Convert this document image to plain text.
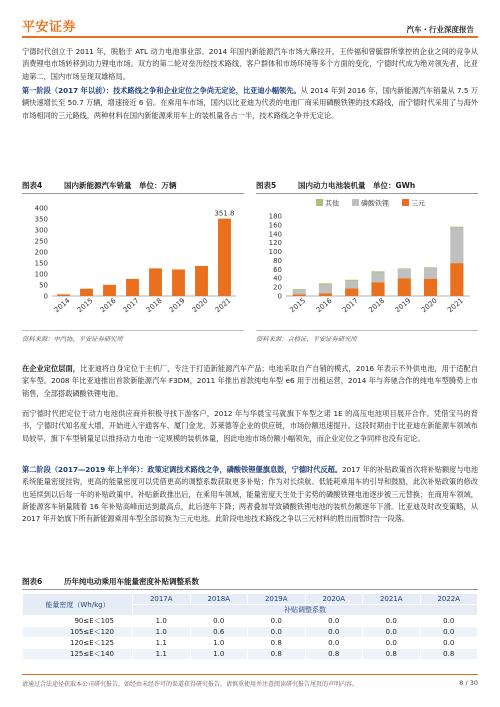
平安证券	汽车・行业深度报告
宁德时代创立于 2011 年，脱胎于 ATL 动力电池事业部。2014 年国内新能源汽车市场大幕拉开，王传福和曾毓群所掌控的企业之间的竞争从消费锂电市场转移到动力锂电市场。双方的第二轮对垒历经技术路线、客户群体和市场环境等多个方面的变化，宁德时代成为绝对领先者，比亚迪第二，国内市场呈现双雄格局。
第一阶段（2017 年以前）：技术路线之争和企业定位之争尚无定论，比亚迪小幅领先。从 2014 年到 2016 年，国内新能源汽车销量从 7.5 万辆快速增长至 50.7 万辆，增速接近 6 倍。在乘用车市场，国内以比亚迪为代表的电池厂商采用磷酸铁锂的技术路线，而宁德时代采用了与海外市场相同的三元路线，两种材料在国内新能源乘用车上的装机量各占一半，技术路线之争并无定论。
图表4	国内新能源汽车销量　单位：万辆
0
50
100
150
200
250
300
350
400
2014 2015 2016 2017 2018 2019 2020 2021
351.8
资料来源：中汽协、平安证券研究所
图表5	国内动力电池装机量　单位：GWh
0
20
40
60
80
100
120
140
160
180
其他	磷酸铁锂	三元
2015 2016 2017 2018 2019 2020 2021
资料来源：合格证、平安证券研究所
在企业定位层面，比亚迪将自身定位于主机厂，专注于打造新能源汽车产品；电池采取自产自销的模式，2016 年表示不外供电池，用于适配自家车型。2008 年比亚迪推出首款新能源汽车 F3DM，2011 年推出首款纯电车型 e6 用于出租运营，2014 年与奔驰合作的纯电车型腾势上市销售，全部搭载磷酸铁锂电池。
而宁德时代把定位于动力电池供应商并积极寻找下游客户，2012 年与华晨宝马就旗下车型之诺 1E 的高压电池项目展开合作。凭借宝马的背书，宁德时代知名度大增，开始进入宇通客车、厦门金龙、苏莱德等企业的供应链，市场份额迅速提升。这段时期由于比亚迪在新能源车领域布局较早，旗下车型销量足以推持动力电池一定规模的装机体量，因此电池市场份额小幅领先，而企业定位之争同样也没有定论。
第二阶段（2017—2019 年上半年）：政策定调技术路线之争，磷酸铁锂偃旗息鼓，宁德时代反超。2017 年的补贴政策首次将补贴额度与电池系统能量密度挂钩，更高的能量密度可以凭借更高的调整系数获取更多补贴；作为对长续航、低能耗乘用车的引导和鼓励，此次补贴政策的修改也延续到以后每一年的补贴政策中。补贴新政推出后，在乘用车领域，能量密度天生处于劣势的磷酸铁锂电池逐步被三元替换；在商用车领域，新能源客车销量随着 16 年补贴高峰而达到最高点，此后逐年下降；两者叠加导致磷酸铁锂电池的装机份额逐年下滑。比亚迪及时改变策略，从 2017 年开始旗下所有新能源乘用车型全部切换为三元电池。此阶段电池技术路线之争以三元材料的胜出而暂时告一段落。
图表6	历年纯电动乘用车能量密度补贴调整系数
能量密度（Wh/kg）	2017A	2018A	2019A	2020A	2021A	2022A
	补贴调整系数					
90≤E＜105	1.0	0.0	0.0	0.0	0.0	0.0
105≤E＜120	1.0	0.6	0.0	0.0	0.0	0.0
120≤E＜125	1.1	1.0	0.8	0.0	0.0	0.0
125≤E＜140	1.1	1.0	0.8	0.8	0.8	0.8
请通过合法途径获取本公司研究报告，如经由未经许可的渠道获得研究报告，请慎重使用并注意阅读研究报告尾页的声明内容。	8 / 30
